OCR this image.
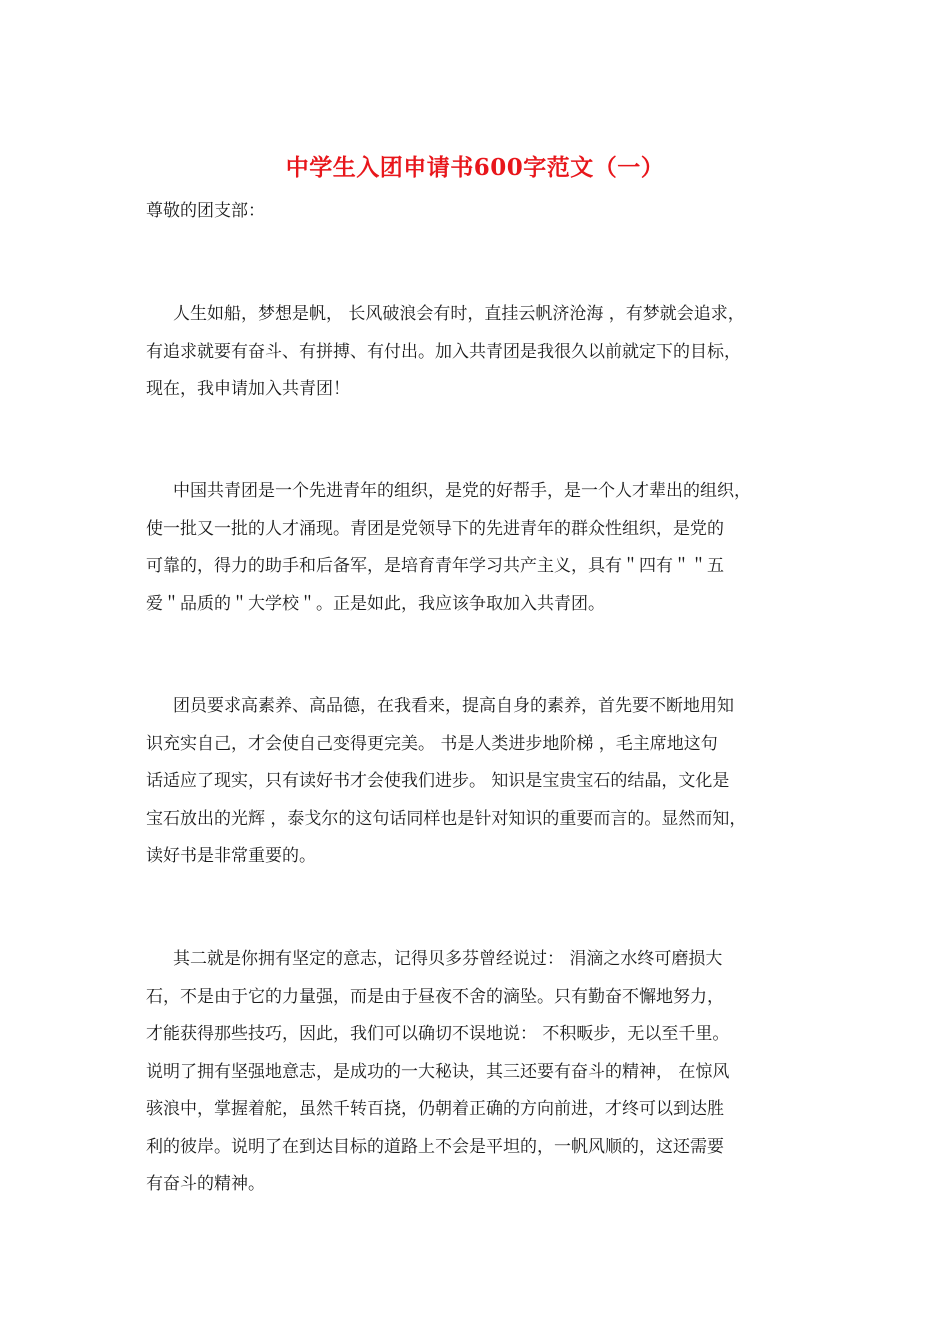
中学生入团申请书600字范文（一）
尊敬的团支部：
人生如船，梦想是帆， 长风破浪会有时，直挂云帆济沧海 ，有梦就会追求，
有追求就要有奋斗、有拼搏、有付出。加入共青团是我很久以前就定下的目标，
现在，我申请加入共青团！
中国共青团是一个先进青年的组织，是党的好帮手，是一个人才辈出的组织，
使一批又一批的人才涌现。青团是党领导下的先进青年的群众性组织，是党的
可靠的，得力的助手和后备军，是培育青年学习共产主义，具有＂四有＂＂五
爱＂品质的＂大学校＂。正是如此，我应该争取加入共青团。
团员要求高素养、高品德，在我看来，提高自身的素养，首先要不断地用知
识充实自己，才会使自己变得更完美。 书是人类进步地阶梯 ，毛主席地这句
话适应了现实，只有读好书才会使我们进步。 知识是宝贵宝石的结晶，文化是
宝石放出的光辉 ，泰戈尔的这句话同样也是针对知识的重要而言的。显然而知，
读好书是非常重要的。
其二就是你拥有坚定的意志，记得贝多芬曾经说过： 涓滴之水终可磨损大
石，不是由于它的力量强，而是由于昼夜不舍的滴坠。只有勤奋不懈地努力，
才能获得那些技巧，因此，我们可以确切不误地说： 不积畈步，无以至千里。
说明了拥有坚强地意志，是成功的一大秘诀，其三还要有奋斗的精神， 在惊风
骇浪中，掌握着舵，虽然千转百挠，仍朝着正确的方向前进，才终可以到达胜
利的彼岸。说明了在到达目标的道路上不会是平坦的，一帆风顺的，这还需要
有奋斗的精神。
